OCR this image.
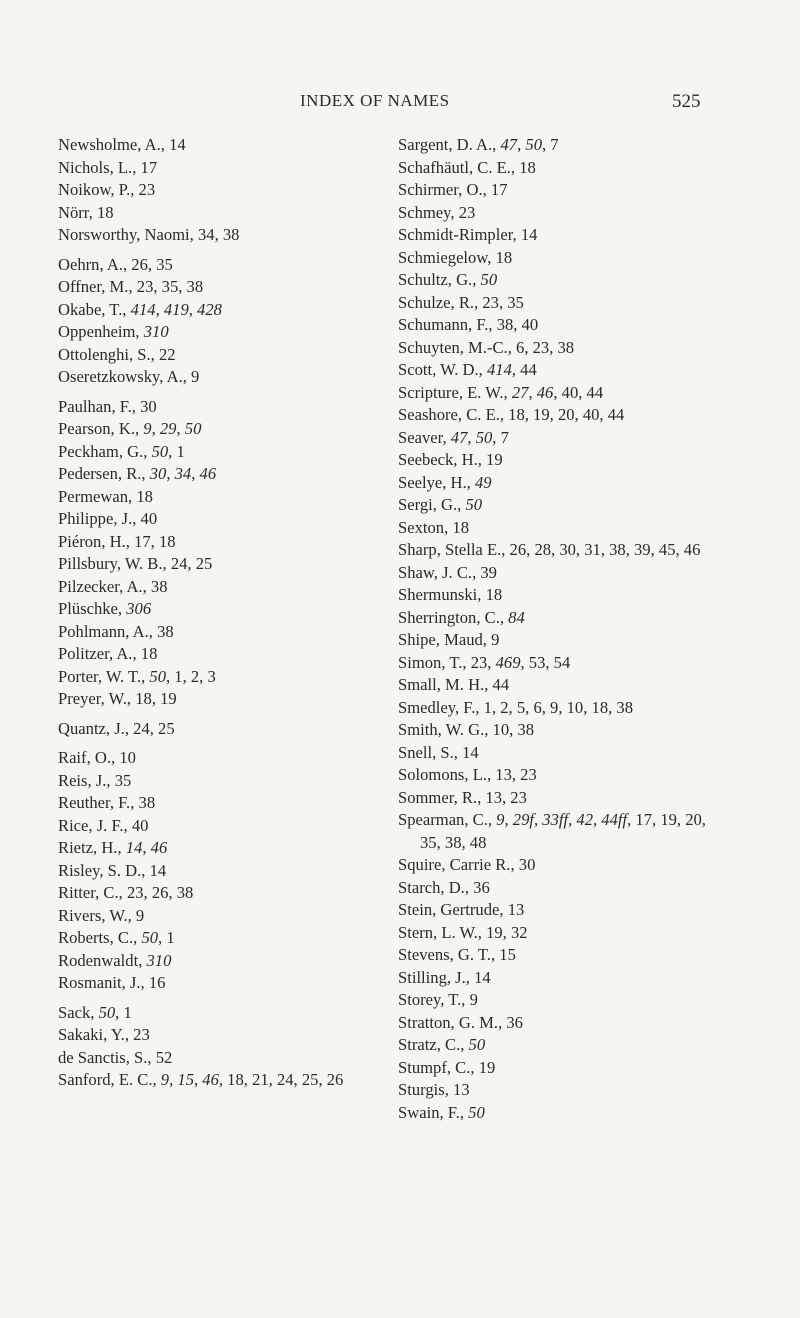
INDEX OF NAMES	525
Newsholme, A., 14
Nichols, L., 17
Noikow, P., 23
Nörr, 18
Norsworthy, Naomi, 34, 38
Oehrn, A., 26, 35
Offner, M., 23, 35, 38
Okabe, T., 414, 419, 428
Oppenheim, 310
Ottolenghi, S., 22
Oseretzkowsky, A., 9
Paulhan, F., 30
Pearson, K., 9, 29, 50
Peckham, G., 50, 1
Pedersen, R., 30, 34, 46
Permewan, 18
Philippe, J., 40
Piéron, H., 17, 18
Pillsbury, W. B., 24, 25
Pilzecker, A., 38
Plüschke, 306
Pohlmann, A., 38
Politzer, A., 18
Porter, W. T., 50, 1, 2, 3
Preyer, W., 18, 19
Quantz, J., 24, 25
Raif, O., 10
Reis, J., 35
Reuther, F., 38
Rice, J. F., 40
Rietz, H., 14, 46
Risley, S. D., 14
Ritter, C., 23, 26, 38
Rivers, W., 9
Roberts, C., 50, 1
Rodenwaldt, 310
Rosmanit, J., 16
Sack, 50, 1
Sakaki, Y., 23
de Sanctis, S., 52
Sanford, E. C., 9, 15, 46, 18, 21, 24, 25, 26
Sargent, D. A., 47, 50, 7
Schafhäutl, C. E., 18
Schirmer, O., 17
Schmey, 23
Schmidt-Rimpler, 14
Schmiegelow, 18
Schultz, G., 50
Schulze, R., 23, 35
Schumann, F., 38, 40
Schuyten, M.-C., 6, 23, 38
Scott, W. D., 414, 44
Scripture, E. W., 27, 46, 40, 44
Seashore, C. E., 18, 19, 20, 40, 44
Seaver, 47, 50, 7
Seebeck, H., 19
Seelye, H., 49
Sergi, G., 50
Sexton, 18
Sharp, Stella E., 26, 28, 30, 31, 38, 39, 45, 46
Shaw, J. C., 39
Shermunski, 18
Sherrington, C., 84
Shipe, Maud, 9
Simon, T., 23, 469, 53, 54
Small, M. H., 44
Smedley, F., 1, 2, 5, 6, 9, 10, 18, 38
Smith, W. G., 10, 38
Snell, S., 14
Solomons, L., 13, 23
Sommer, R., 13, 23
Spearman, C., 9, 29f, 33ff, 42, 44ff, 17, 19, 20, 35, 38, 48
Squire, Carrie R., 30
Starch, D., 36
Stein, Gertrude, 13
Stern, L. W., 19, 32
Stevens, G. T., 15
Stilling, J., 14
Storey, T., 9
Stratton, G. M., 36
Stratz, C., 50
Stumpf, C., 19
Sturgis, 13
Swain, F., 50
